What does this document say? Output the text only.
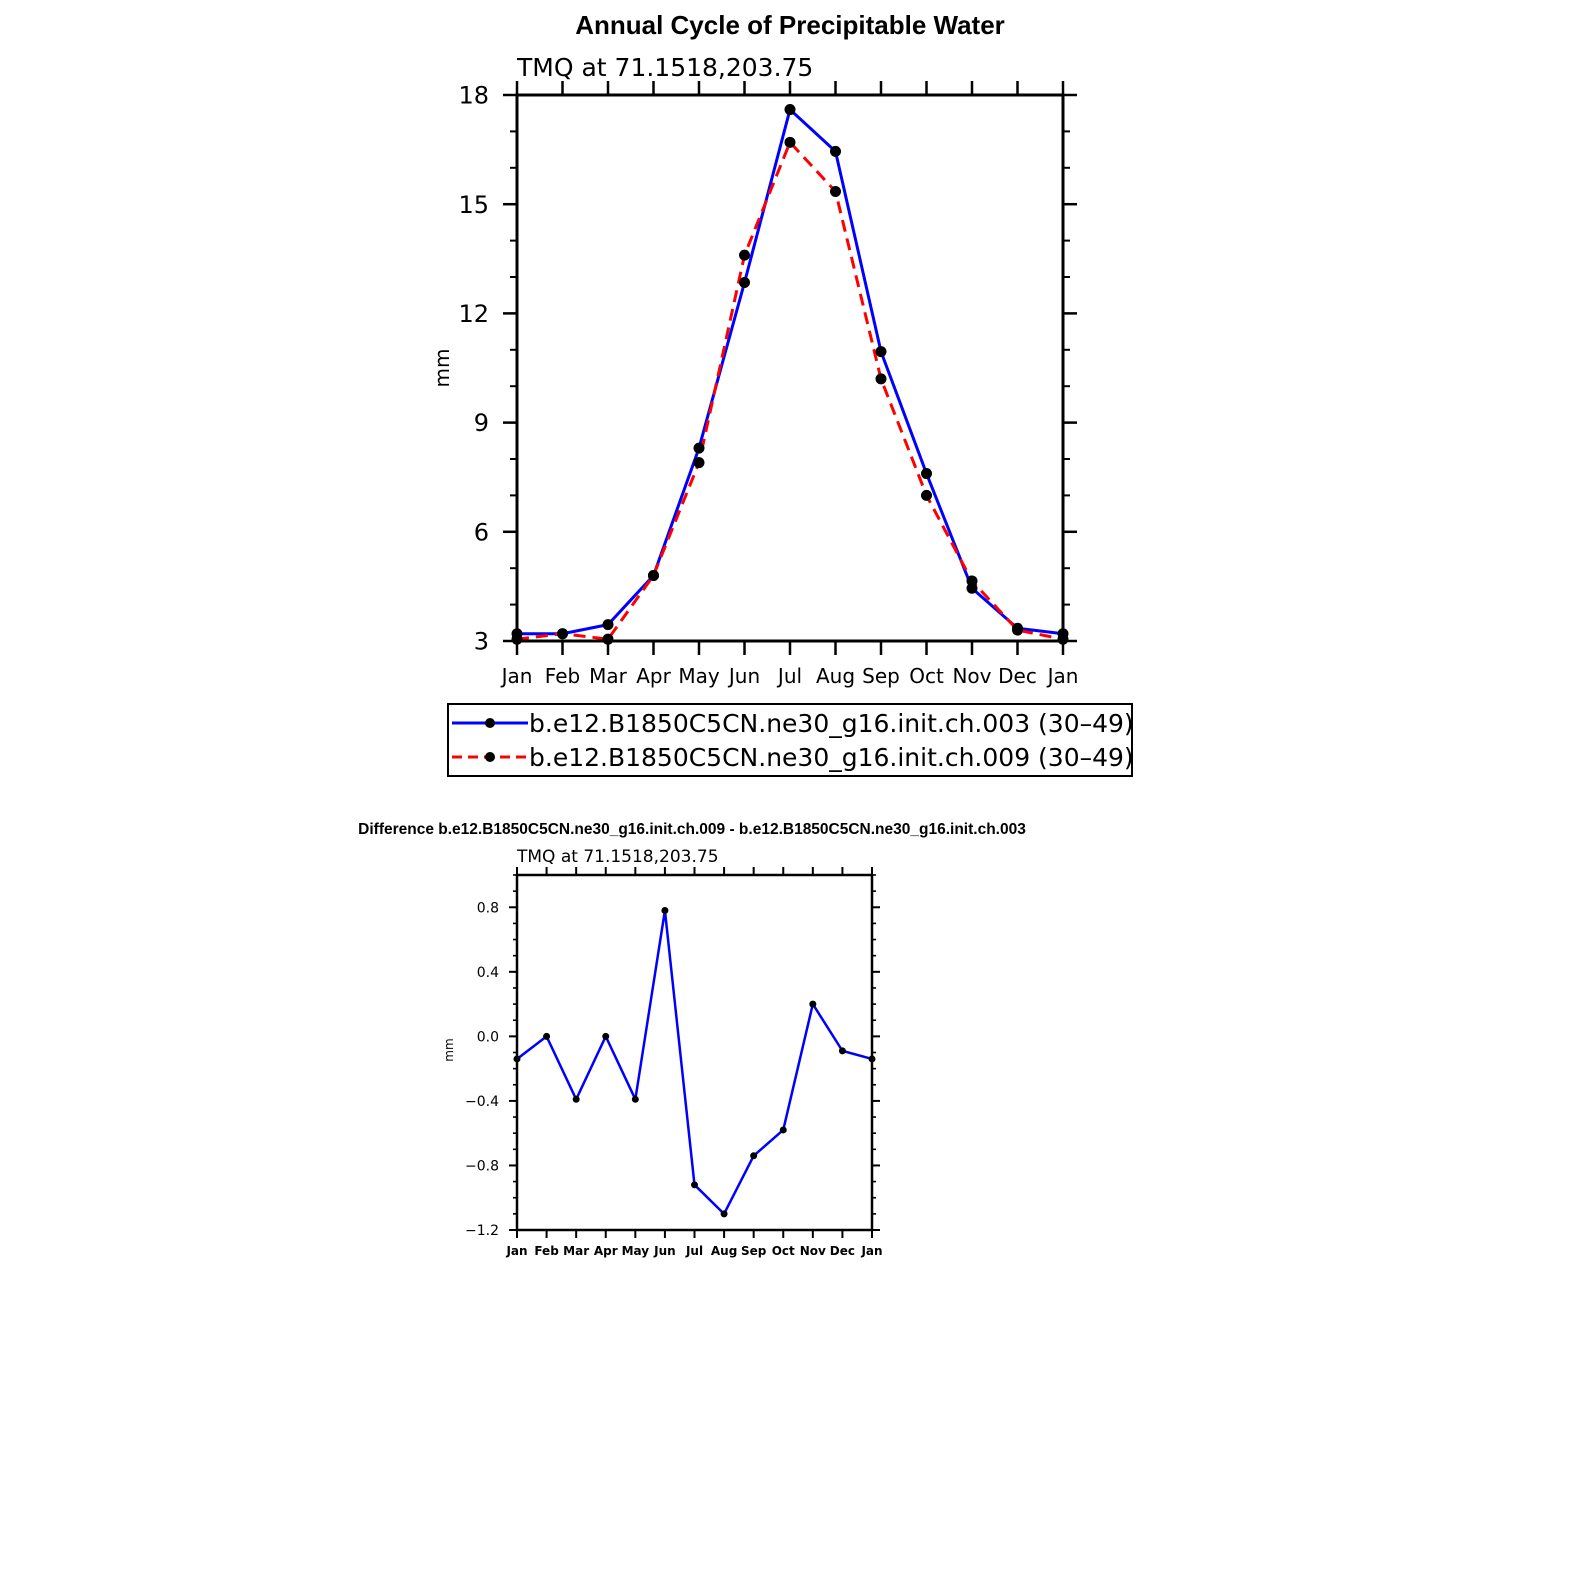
Annual Cycle of Precipitable Water
TMQ at 71.1518,203.75
mm
Jan Feb Mar Apr May Jun Jul Aug Sep Oct Nov Dec Jan
3
6
9
12
15
18
b.e12.B1850C5CN.ne30_g16.init.ch.003 (30–49)
b.e12.B1850C5CN.ne30_g16.init.ch.009 (30–49)
Difference b.e12.B1850C5CN.ne30_g16.init.ch.009 - b.e12.B1850C5CN.ne30_g16.init.ch.003
TMQ at 71.1518,203.75
mm
Jan Feb Mar Apr May Jun Jul Aug Sep Oct Nov Dec Jan
−1.2
−0.8
−0.4
0.0
0.4
0.8
